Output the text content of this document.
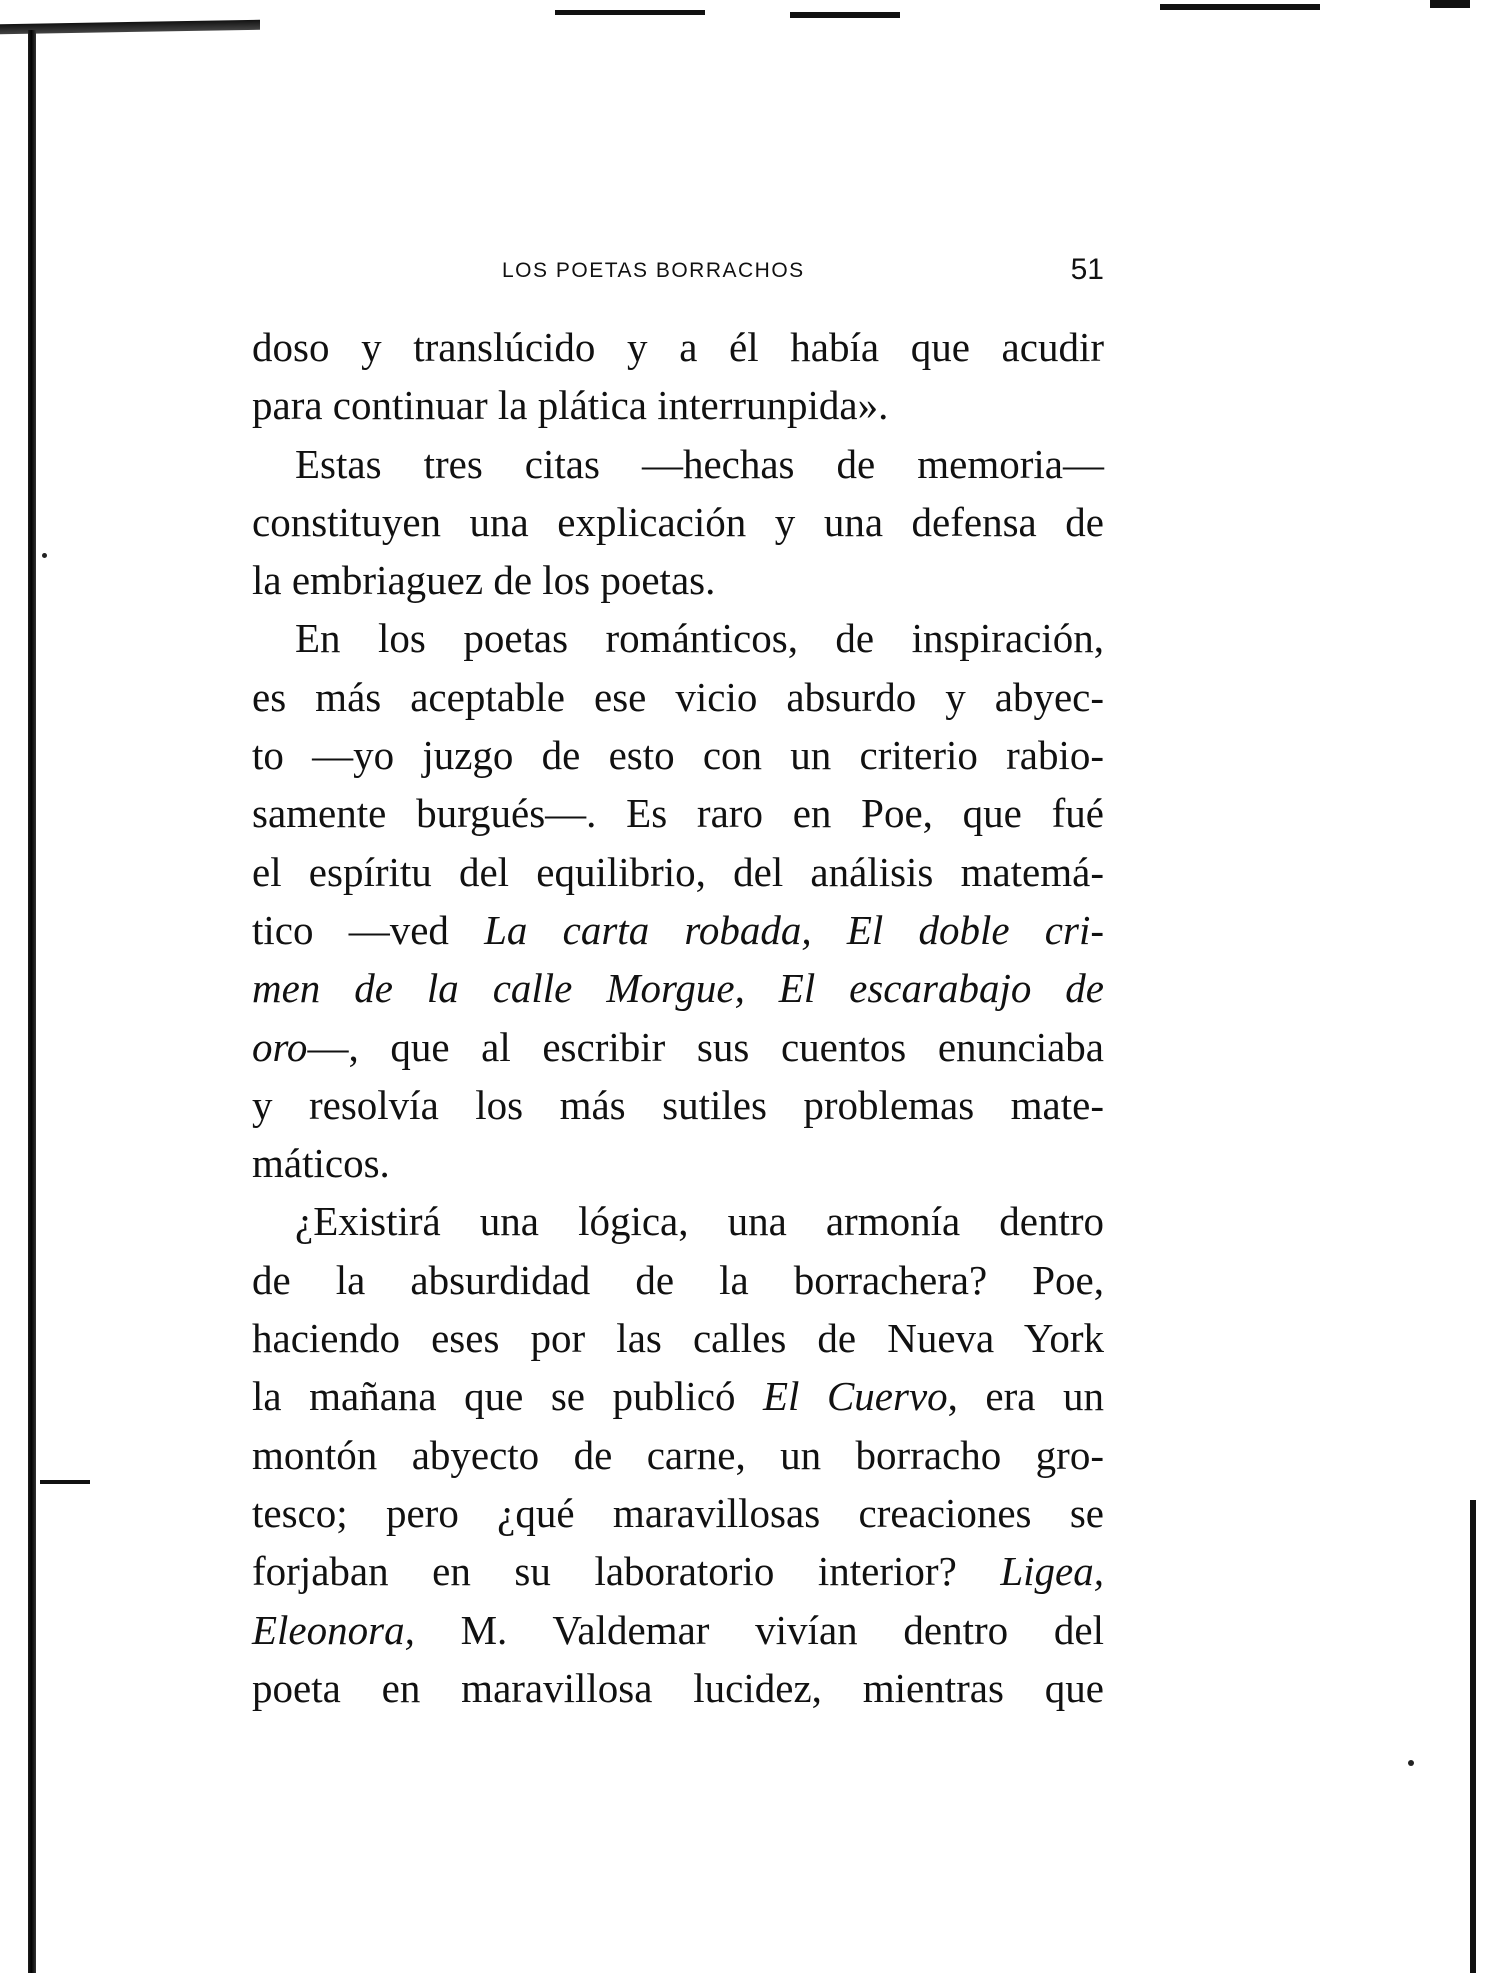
LOS POETAS BORRACHOS	51
doso y translúcido y a él había que acudir
para continuar la plática interrunpida».
Estas tres citas —hechas de memoria—
constituyen una explicación y una defensa de
la embriaguez de los poetas.
En los poetas románticos, de inspiración,
es más aceptable ese vicio absurdo y abyec-
to —yo juzgo de esto con un criterio rabio-
samente burgués—. Es raro en Poe, que fué
el espíritu del equilibrio, del análisis matemá-
tico —ved La carta robada, El doble cri-
men de la calle Morgue, El escarabajo de
oro—, que al escribir sus cuentos enunciaba
y resolvía los más sutiles problemas mate-
máticos.
¿Existirá una lógica, una armonía dentro
de la absurdidad de la borrachera? Poe,
haciendo eses por las calles de Nueva York
la mañana que se publicó El Cuervo, era un
montón abyecto de carne, un borracho gro-
tesco; pero ¿qué maravillosas creaciones se
forjaban en su laboratorio interior? Ligea,
Eleonora, M. Valdemar vivían dentro del
poeta en maravillosa lucidez, mientras que
